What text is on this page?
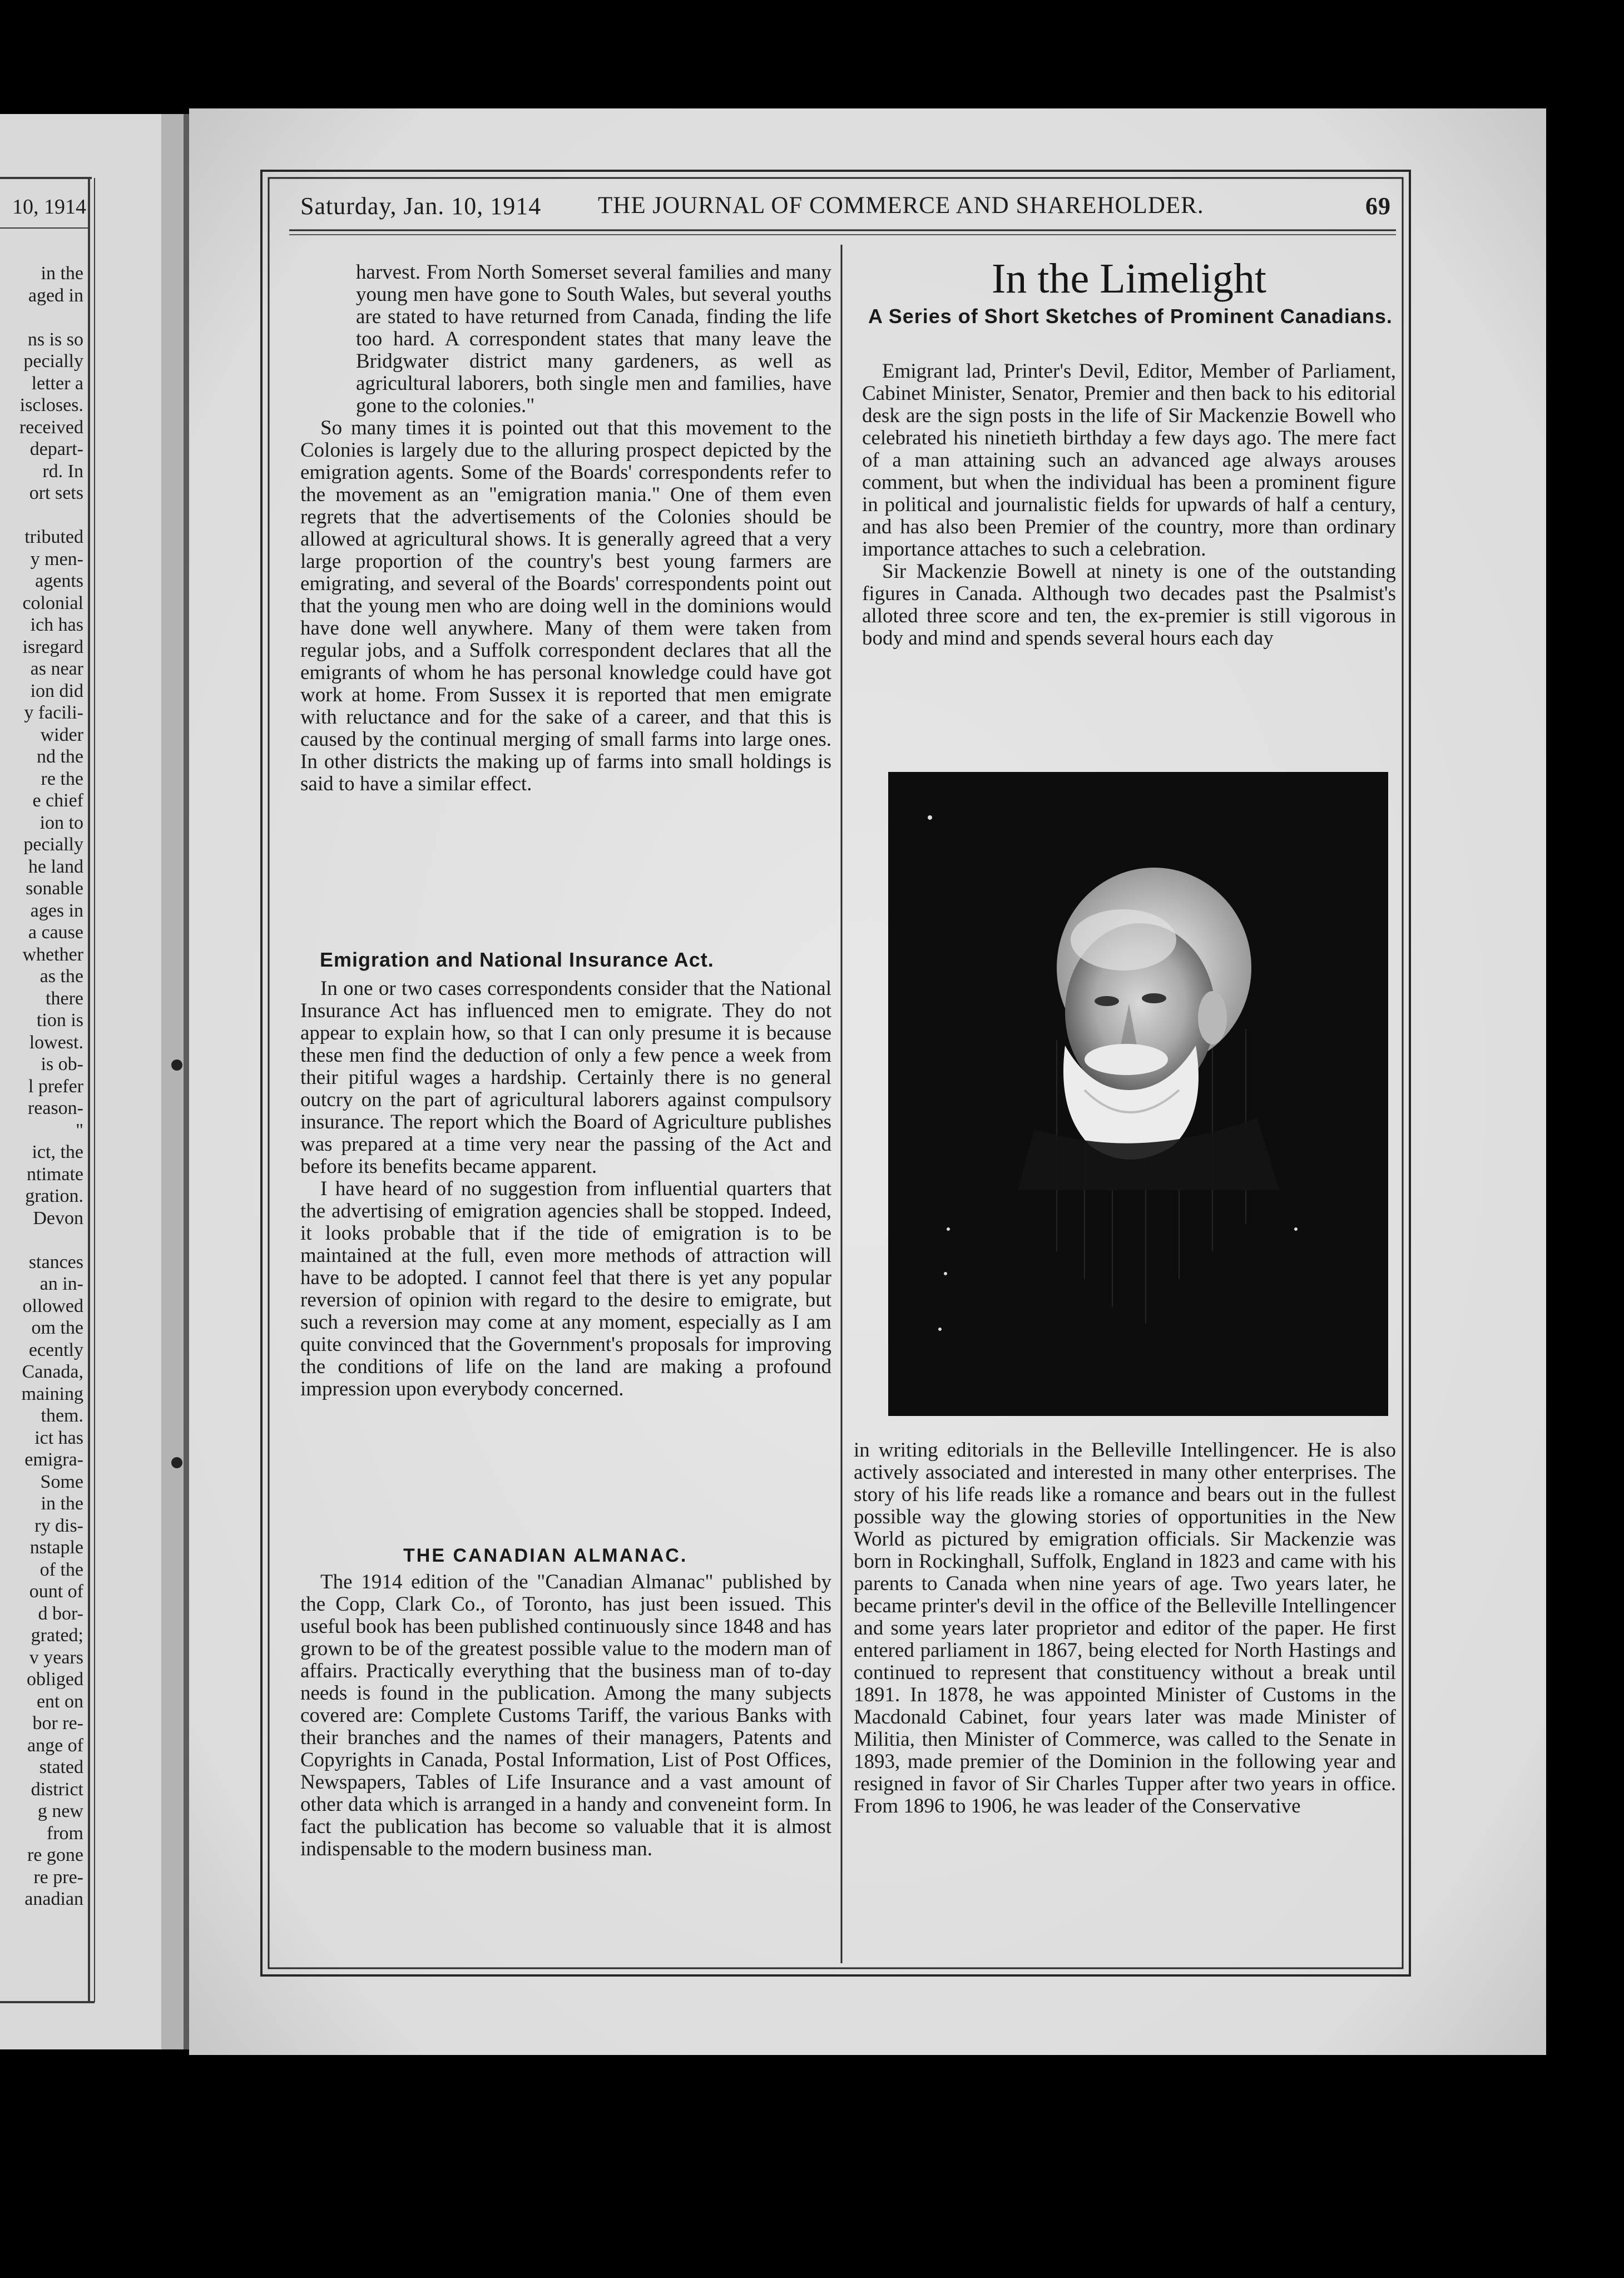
10, 1914
in the
aged in

ns is so
pecially
letter a
iscloses.
received
depart-
rd. In
ort sets

tributed
y men-
agents
colonial
ich has
isregard
as near
ion did
y facili-
wider
nd the
re the
e chief
ion to
pecially
he land
sonable
ages in
a cause
whether
as the
there
tion is
lowest.
is ob-
l prefer
reason-
"
ict, the
ntimate
gration.
Devon

stances
an in-
ollowed
om the
ecently
Canada,
maining
them.
ict has
emigra-
Some
in the
ry dis-
nstaple
of the
ount of
d bor-
grated;
v years
obliged
ent on
bor re-
ange of
stated
district
g new
from
re gone
re pre-
anadian
Saturday, Jan. 10, 1914 THE JOURNAL OF COMMERCE AND SHAREHOLDER.	69

harvest. From North Somerset several families and many young men have gone to South Wales, but several youths are stated to have returned from Canada, finding the life too hard. A correspondent states that many leave the Bridgwater district many gardeners, as well as agricultural laborers, both single men and families, have gone to the colonies."

So many times it is pointed out that this movement to the Colonies is largely due to the alluring prospect depicted by the emigration agents. Some of the Boards' correspondents refer to the movement as an "emigration mania." One of them even regrets that the advertisements of the Colonies should be allowed at agricultural shows. It is generally agreed that a very large proportion of the country's best young farmers are emigrating, and several of the Boards' correspondents point out that the young men who are doing well in the dominions would have done well anywhere. Many of them were taken from regular jobs, and a Suffolk correspondent declares that all the emigrants of whom he has personal knowledge could have got work at home. From Sussex it is reported that men emigrate with reluctance and for the sake of a career, and that this is caused by the continual merging of small farms into large ones. In other districts the making up of farms into small holdings is said to have a similar effect.

Emigration and National Insurance Act.

In one or two cases correspondents consider that the National Insurance Act has influenced men to emigrate. They do not appear to explain how, so that I can only presume it is because these men find the deduction of only a few pence a week from their pitiful wages a hardship. Certainly there is no general outcry on the part of agricultural laborers against compulsory insurance. The report which the Board of Agriculture publishes was prepared at a time very near the passing of the Act and before its benefits became apparent.

I have heard of no suggestion from influential quarters that the advertising of emigration agencies shall be stopped. Indeed, it looks probable that if the tide of emigration is to be maintained at the full, even more methods of attraction will have to be adopted. I cannot feel that there is yet any popular reversion of opinion with regard to the desire to emigrate, but such a reversion may come at any moment, especially as I am quite convinced that the Government's proposals for improving the conditions of life on the land are making a profound impression upon everybody concerned.

THE CANADIAN ALMANAC.

The 1914 edition of the "Canadian Almanac" published by the Copp, Clark Co., of Toronto, has just been issued. This useful book has been published continuously since 1848 and has grown to be of the greatest possible value to the modern man of affairs. Practically everything that the business man of to-day needs is found in the publication. Among the many subjects covered are: Complete Customs Tariff, the various Banks with their branches and the names of their managers, Patents and Copyrights in Canada, Postal Information, List of Post Offices, Newspapers, Tables of Life Insurance and a vast amount of other data which is arranged in a handy and conveneint form. In fact the publication has become so valuable that it is almost indispensable to the modern business man.

In the Limelight
A Series of Short Sketches of Prominent Canadians.

Emigrant lad, Printer's Devil, Editor, Member of Parliament, Cabinet Minister, Senator, Premier and then back to his editorial desk are the sign posts in the life of Sir Mackenzie Bowell who celebrated his ninetieth birthday a few days ago. The mere fact of a man attaining such an advanced age always arouses comment, but when the individual has been a prominent figure in political and journalistic fields for upwards of half a century, and has also been Premier of the country, more than ordinary importance attaches to such a celebration.

Sir Mackenzie Bowell at ninety is one of the outstanding figures in Canada. Although two decades past the Psalmist's alloted three score and ten, the ex-premier is still vigorous in body and mind and spends several hours each day

in writing editorials in the Belleville Intellingencer. He is also actively associated and interested in many other enterprises. The story of his life reads like a romance and bears out in the fullest possible way the glowing stories of opportunities in the New World as pictured by emigration officials. Sir Mackenzie was born in Rockinghall, Suffolk, England in 1823 and came with his parents to Canada when nine years of age. Two years later, he became printer's devil in the office of the Belleville Intellingencer and some years later proprietor and editor of the paper. He first entered parliament in 1867, being elected for North Hastings and continued to represent that constituency without a break until 1891. In 1878, he was appointed Minister of Customs in the Macdonald Cabinet, four years later was made Minister of Militia, then Minister of Commerce, was called to the Senate in 1893, made premier of the Dominion in the following year and resigned in favor of Sir Charles Tupper after two years in office. From 1896 to 1906, he was leader of the Conservative
